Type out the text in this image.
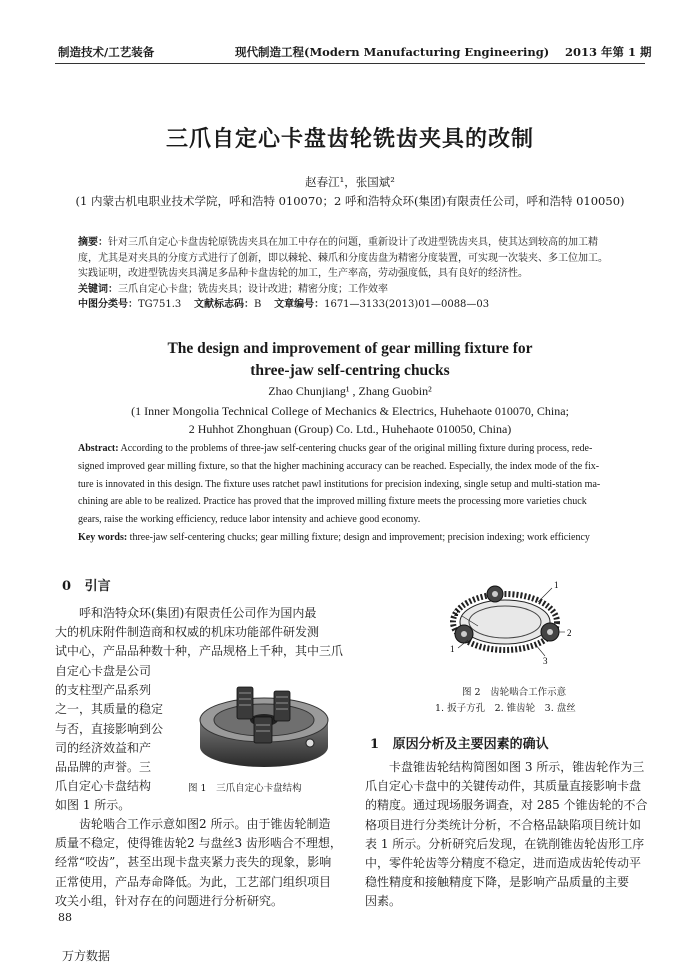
制造技术/工艺装备	现代制造工程(Modern Manufacturing Engineering) 2013 年第 1 期
三爪自定心卡盘齿轮铣齿夹具的改制
赵春江¹，张国斌²
(1 内蒙古机电职业技术学院，呼和浩特 010070；2 呼和浩特众环(集团)有限责任公司，呼和浩特 010050)

摘要：针对三爪自定心卡盘齿轮原铣齿夹具在加工中存在的问题，重新设计了改进型铣齿夹具，使其达到较高的加工精

度，尤其是对夹具的分度方式进行了创新，即以棘轮、棘爪和分度齿盘为精密分度装置，可实现一次装夹、多工位加工。

实践证明，改进型铣齿夹具满足多品种卡盘齿轮的加工，生产率高，劳动强度低，具有良好的经济性。

关键词：三爪自定心卡盘；铣齿夹具；设计改进；精密分度；工作效率

中图分类号：TG751.3 文献标志码：B 文章编号：1671—3133(2013)01—0088—03

The design and improvement of gear milling fixture for
three-jaw self-centring chucks
Zhao Chunjiang¹ , Zhang Guobin²
(1 Inner Mongolia Technical College of Mechanics & Electrics, Huhehaote 010070, China;
2 Huhhot Zhonghuan (Group) Co. Ltd., Huhehaote 010050, China)

Abstract: According to the problems of three-jaw self-centering chucks gear of the original milling fixture during process, rede-

signed improved gear milling fixture, so that the higher machining accuracy can be reached. Especially, the index mode of the fix-

ture is innovated in this design. The fixture uses ratchet pawl institutions for precision indexing, single setup and multi-station ma-

chining are able to be realized. Practice has proved that the improved milling fixture meets the processing more varieties chuck

gears, raise the working efficiency, reduce labor intensity and achieve good economy.

Key words: three-jaw self-centering chucks; gear milling fixture; design and improvement; precision indexing; work efficiency

0 引言

呼和浩特众环(集团)有限责任公司作为国内最

大的机床附件制造商和权威的机床功能部件研发测
试中心，产品品种数十种，产品规格上千种，其中三爪
自定心卡盘是公司
的支柱型产品系列
之一，其质量的稳定
与否，直接影响到公
司的经济效益和产
品品牌的声誉。三
爪自定心卡盘结构
如图 1 所示。
图 1　三爪自定心卡盘结构

齿轮啮合工作示意如图2 所示。由于锥齿轮制造

质量不稳定，使得锥齿轮2 与盘丝3 齿形啮合不理想，
经常“咬齿”，甚至出现卡盘夹紧力丧失的现象，影响
正常使用，产品寿命降低。为此，工艺部门组织项目
攻关小组，针对存在的问题进行分析研究。
88
万方数据
1
2
1
2
3
图 2　齿轮啮合工作示意
1. 扳子方孔　2. 锥齿轮　3. 盘丝
1 原因分析及主要因素的确认

卡盘锥齿轮结构简图如图 3 所示，锥齿轮作为三

爪自定心卡盘中的关键传动件，其质量直接影响卡盘
的精度。通过现场服务调查，对 285 个锥齿轮的不合
格项目进行分类统计分析，不合格品缺陷项目统计如
表 1 所示。分析研究后发现，在铣削锥齿轮齿形工序
中，零件轮齿等分精度不稳定，进而造成齿轮传动平
稳性精度和接触精度下降，是影响产品质量的主要
因素。
